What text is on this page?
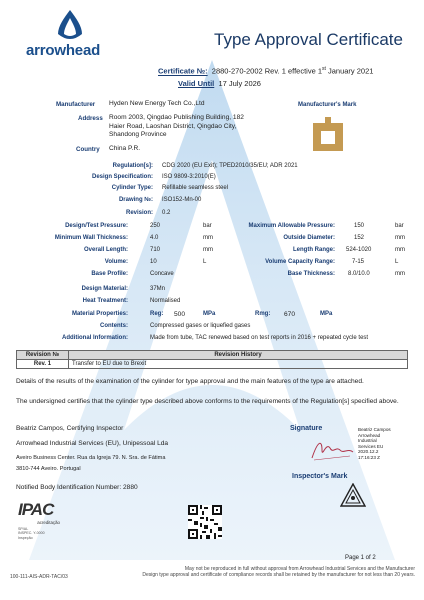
arrowhead
Type Approval Certificate
Certificate №: 2880-270-2002 Rev. 1 effective 1st January 2021
Valid Until 17 July 2026
Manufacturer Hyden New Energy Tech Co.,Ltd
Address Room 2003, Qingdao Publishing Building, 182
Haier Road, Laoshan District, Qingdao City,
Shandong Province
Country China P.R.
Manufacturer's Mark
Regulation[s]: CDG 2020 (EU Exit); TPED2010/35/EU; ADR 2021
Design Specification: ISO 9809-3:2010(E)
Cylinder Type: Refillable seamless steel
Drawing №: ISO152-Mn-00
Revision: 0.2
Design/Test Pressure:	250	bar	Maximum Allowable Pressure:	150	bar
Minimum Wall Thickness:	4.0	mm	Outside Diameter:	152	mm
Overall Length:	710	mm	Length Range: 524-1020	mm
Volume:	10	L	Volume Capacity Range:	7-15	L
Base Profile:	Concave	Base Thickness: 8.0/10.0	mm
Design Material:	37Mn
Heat Treatment:	Normalised
Material Properties:	Reg: 500	MPa	Rmg: 670	MPa
Contents:	Compressed gases or liquefied gases
Additional Information:	Made from tube, TAC renewed based on test reports in 2016 + repeated cycle test
Revision №	Revision History
Rev. 1	Transfer to EU due to Brexit
Details of the results of the examination of the cylinder for type approval and the main features of the type are attached.
The undersigned certifies that the cylinder type described above conforms to the requirements of the Regulation[s] specified above.
Beatriz Campos, Certifying Inspector
Arrowhead Industrial Services (EU), Unipessoal Lda
Aveiro Business Center. Rua da Igreja 79. N. Sra. de Fátima
3810-744 Aveiro. Portugal
Notified Body Identification Number: 2880
Signature	Beatriz Campos
Arrowhead
Industrial
Services EU
2020.12.2
17:16:23 Z
Inspector's Mark
IPAC
acreditação
SP/AL
INSPEC. Y-0000
Inspeção
Page 1 of 2
100-111-AIS-ADR-TAC/03
May not be reproduced in full without approval from Arrowhead Industrial Services and the Manufacturer
Design type approval and certificate of compliance records shall be retained by the manufacturer for not less than 20 years.
